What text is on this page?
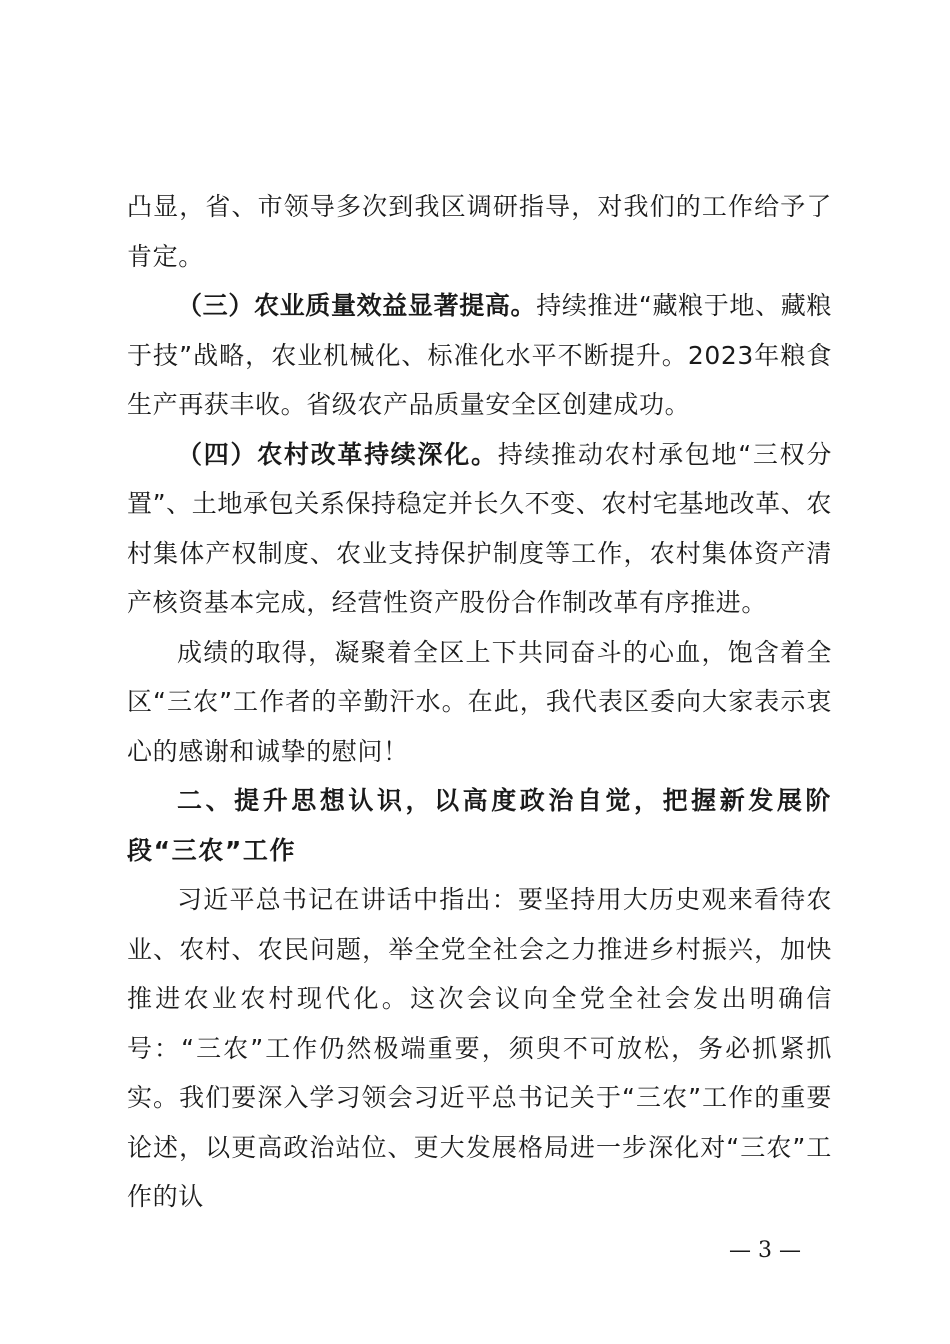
凸显，省、市领导多次到我区调研指导，对我们的工作给予了肯定。

（三）农业质量效益显著提高。持续推进“藏粮于地、藏粮于技”战略，农业机械化、标准化水平不断提升。2023年粮食生产再获丰收。省级农产品质量安全区创建成功。

（四）农村改革持续深化。持续推动农村承包地“三权分置”、土地承包关系保持稳定并长久不变、农村宅基地改革、农村集体产权制度、农业支持保护制度等工作，农村集体资产清产核资基本完成，经营性资产股份合作制改革有序推进。

成绩的取得，凝聚着全区上下共同奋斗的心血，饱含着全区“三农”工作者的辛勤汗水。在此，我代表区委向大家表示衷心的感谢和诚挚的慰问！

二、提升思想认识，以高度政治自觉，把握新发展阶段“三农”工作

习近平总书记在讲话中指出：要坚持用大历史观来看待农业、农村、农民问题，举全党全社会之力推进乡村振兴，加快推进农业农村现代化。这次会议向全党全社会发出明确信号：“三农”工作仍然极端重要，须臾不可放松，务必抓紧抓实。我们要深入学习领会习近平总书记关于“三农”工作的重要论述，以更高政治站位、更大发展格局进一步深化对“三农”工作的认

— 3 —
